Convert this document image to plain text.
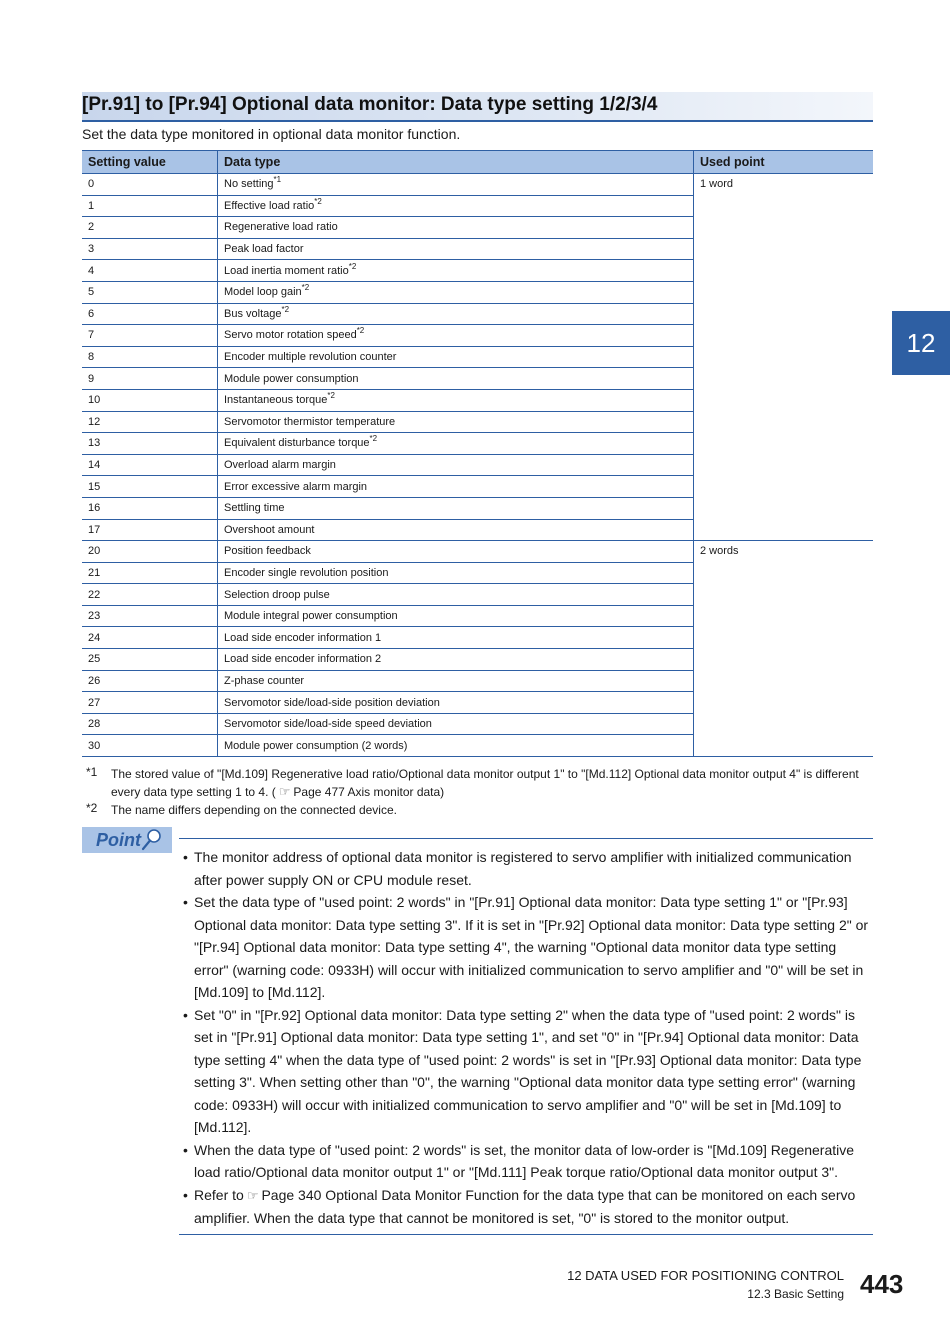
[Pr.91] to [Pr.94] Optional data monitor: Data type setting 1/2/3/4
Set the data type monitored in optional data monitor function.
12
Setting value	Data type	Used point
0	No setting$^{*1}$	1 word
1	Effective load ratio$^{*2}$
2	Regenerative load ratio	
3	Peak load factor	
4	Load inertia moment ratio$^{*2}$
5	Model loop gain$^{*2}$
6	Bus voltage$^{*2}$
7	Servo motor rotation speed$^{*2}$
8	Encoder multiple revolution counter	
9	Module power consumption	
10	Instantaneous torque$^{*2}$
12	Servomotor thermistor temperature	
13	Equivalent disturbance torque$^{*2}$
14	Overload alarm margin	
15	Error excessive alarm margin	
16	Settling time	
17	Overshoot amount	
20	Position feedback	2 words
21	Encoder single revolution position	
22	Selection droop pulse	
23	Module integral power consumption	
24	Load side encoder information 1	
25	Load side encoder information 2	
26	Z-phase counter	
27	Servomotor side/load-side position deviation	
28	Servomotor side/load-side speed deviation	
30	Module power consumption (2 words)	
*1 The stored value of "[Md.109] Regenerative load ratio/Optional data monitor output 1" to "[Md.112] Optional data monitor output 4" is different every data type setting 1 to 4. ( ☞ Page 477 Axis monitor data)
*2 The name differs depending on the connected device.
Point
• The monitor address of optional data monitor is registered to servo amplifier with initialized communication after power supply ON or CPU module reset.
• Set the data type of "used point: 2 words" in "[Pr.91] Optional data monitor: Data type setting 1" or "[Pr.93] Optional data monitor: Data type setting 3". If it is set in "[Pr.92] Optional data monitor: Data type setting 2" or "[Pr.94] Optional data monitor: Data type setting 4", the warning "Optional data monitor data type setting error" (warning code: 0933H) will occur with initialized communication to servo amplifier and "0" will be set in [Md.109] to [Md.112].
• Set "0" in "[Pr.92] Optional data monitor: Data type setting 2" when the data type of "used point: 2 words" is set in "[Pr.91] Optional data monitor: Data type setting 1", and set "0" in "[Pr.94] Optional data monitor: Data type setting 4" when the data type of "used point: 2 words" is set in "[Pr.93] Optional data monitor: Data type setting 3". When setting other than "0", the warning "Optional data monitor data type setting error" (warning code: 0933H) will occur with initialized communication to servo amplifier and "0" will be set in [Md.109] to [Md.112].
• When the data type of "used point: 2 words" is set, the monitor data of low-order is "[Md.109] Regenerative load ratio/Optional data monitor output 1" or "[Md.111] Peak torque ratio/Optional data monitor output 3".
• Refer to ☞ Page 340 Optional Data Monitor Function for the data type that can be monitored on each servo amplifier. When the data type that cannot be monitored is set, "0" is stored to the monitor output.
12 DATA USED FOR POSITIONING CONTROL
12.3 Basic Setting 443
